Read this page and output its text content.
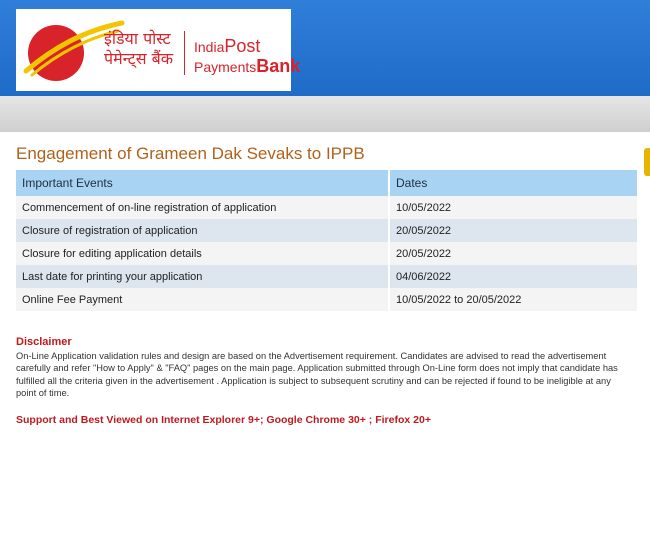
इंडिया पोस्ट
पेमेन्ट्स बैंक
IndiaPost
PaymentsBank
Engagement of Grameen Dak Sevaks to IPPB
Important Events	Dates
Commencement of on-line registration of application	10/05/2022
Closure of registration of application	20/05/2022
Closure for editing application details	20/05/2022
Last date for printing your application	04/06/2022
Online Fee Payment	10/05/2022 to 20/05/2022
Disclaimer
On-Line Application validation rules and design are based on the Advertisement requirement. Candidates are advised to read the advertisement carefully and refer "How to Apply" & "FAQ" pages on the main page. Application submitted through On-Line form does not imply that candidate has fulfilled all the criteria given in the advertisement . Application is subject to subsequent scrutiny and can be rejected if found to be ineligible at any point of time.
Support and Best Viewed on Internet Explorer 9+; Google Chrome 30+ ; Firefox 20+
